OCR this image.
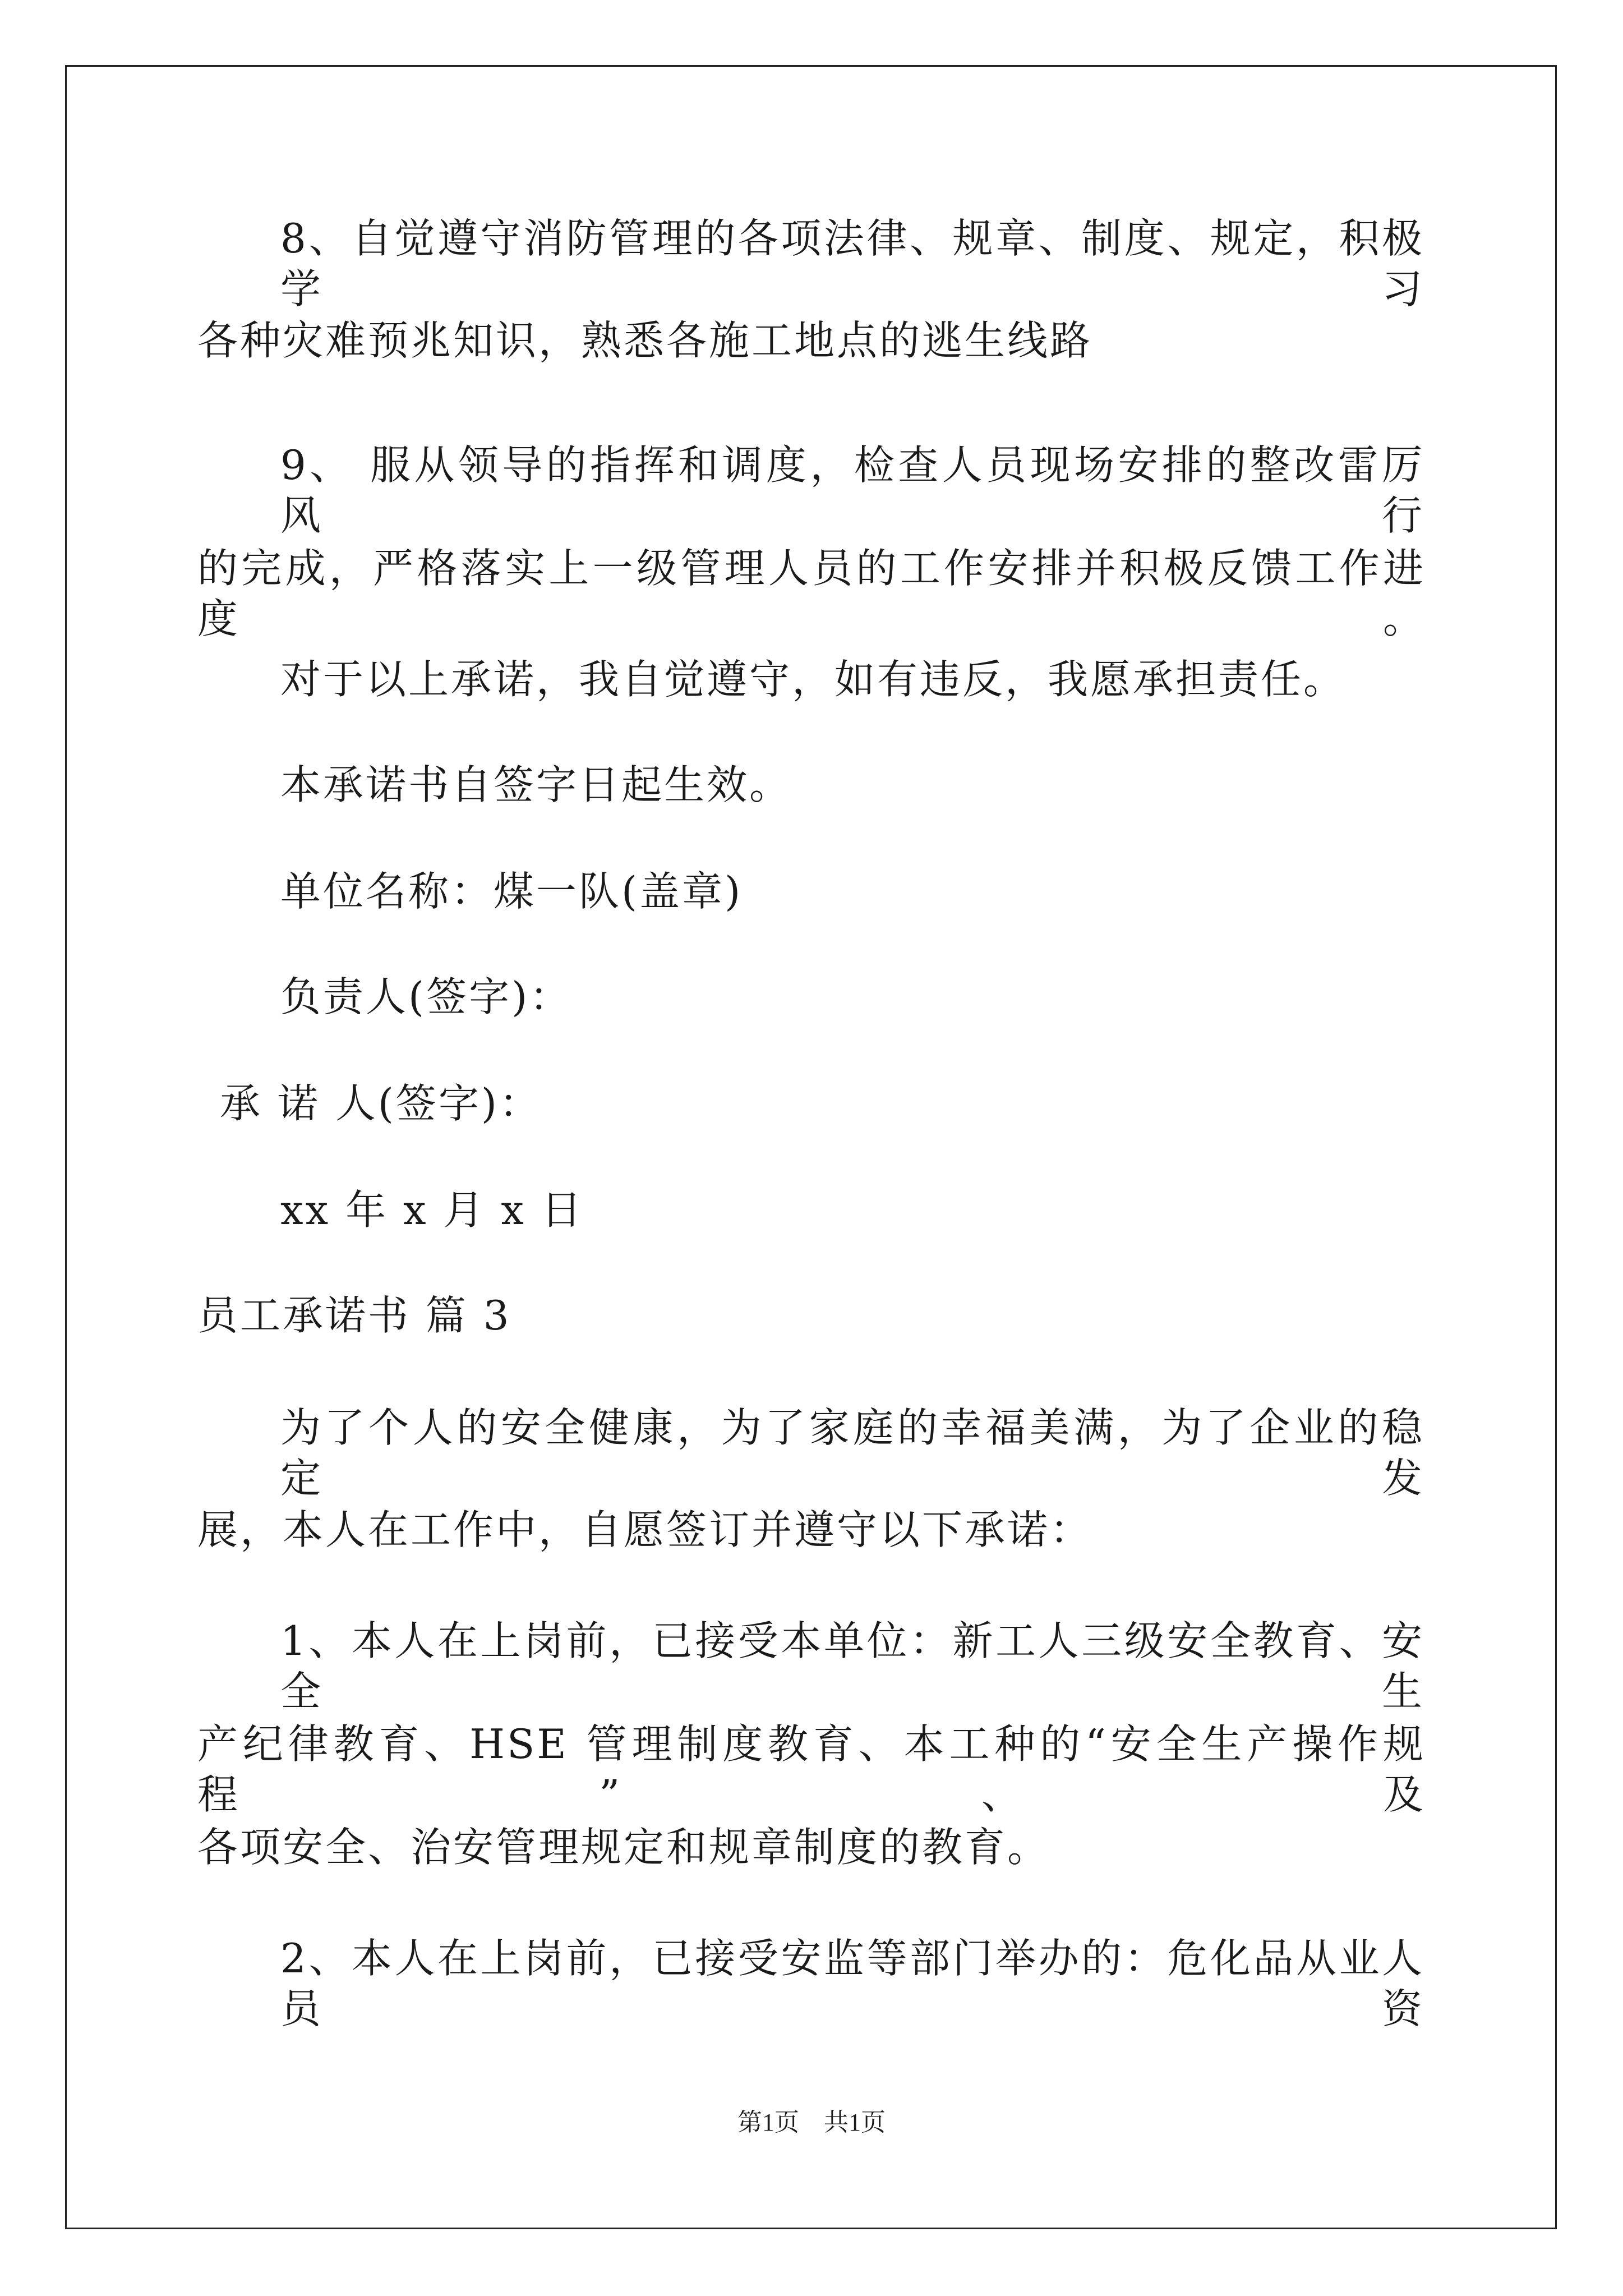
8、自觉遵守消防管理的各项法律、规章、制度、规定，积极学习
各种灾难预兆知识，熟悉各施工地点的逃生线路
9、 服从领导的指挥和调度，检查人员现场安排的整改雷厉风行
的完成，严格落实上一级管理人员的工作安排并积极反馈工作进度。
对于以上承诺，我自觉遵守，如有违反，我愿承担责任。
本承诺书自签字日起生效。
单位名称：煤一队(盖章)
负责人(签字)：
承 诺 人(签字)：
xx 年 x 月 x 日
员工承诺书 篇 3
为了个人的安全健康，为了家庭的幸福美满，为了企业的稳定发
展，本人在工作中，自愿签订并遵守以下承诺：
1、本人在上岗前，已接受本单位：新工人三级安全教育、安全生
产纪律教育、HSE 管理制度教育、本工种的“安全生产操作规程”、及
各项安全、治安管理规定和规章制度的教育。
2、本人在上岗前，已接受安监等部门举办的：危化品从业人员资
第1页　共1页
